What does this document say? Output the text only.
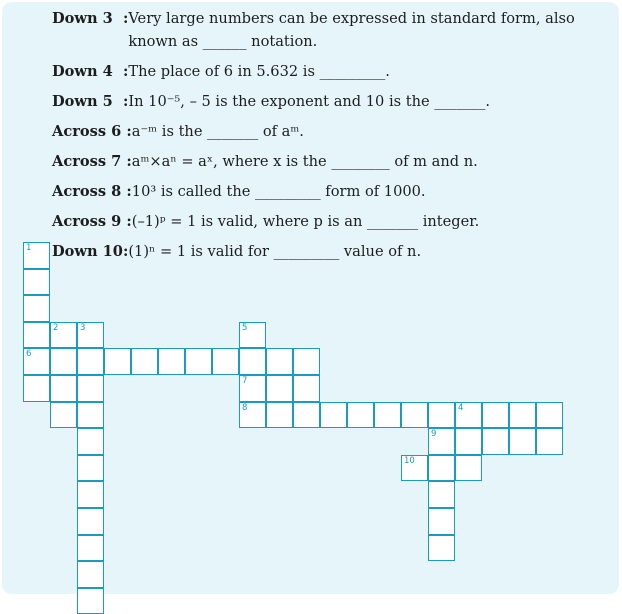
Down 3  : Very large numbers can be expressed in standard form, also known as ______ notation.
Down 4  : The place of 6 in 5.632 is _________.
Down 5  : In 10⁻⁵, – 5 is the exponent and 10 is the _______.
Across 6 : a⁻ᵐ is the _______ of aᵐ.
Across 7 : aᵐ×aⁿ = aˣ, where x is the ________ of m and n.
Across 8 : 10³ is called the _________ form of 1000.
Across 9 : (–1)ᵖ = 1 is valid, where p is an _______ integer.
Down 10: (1)ⁿ = 1 is valid for _________ value of n.
1
6
2	3	5
7
8	4
9
10
